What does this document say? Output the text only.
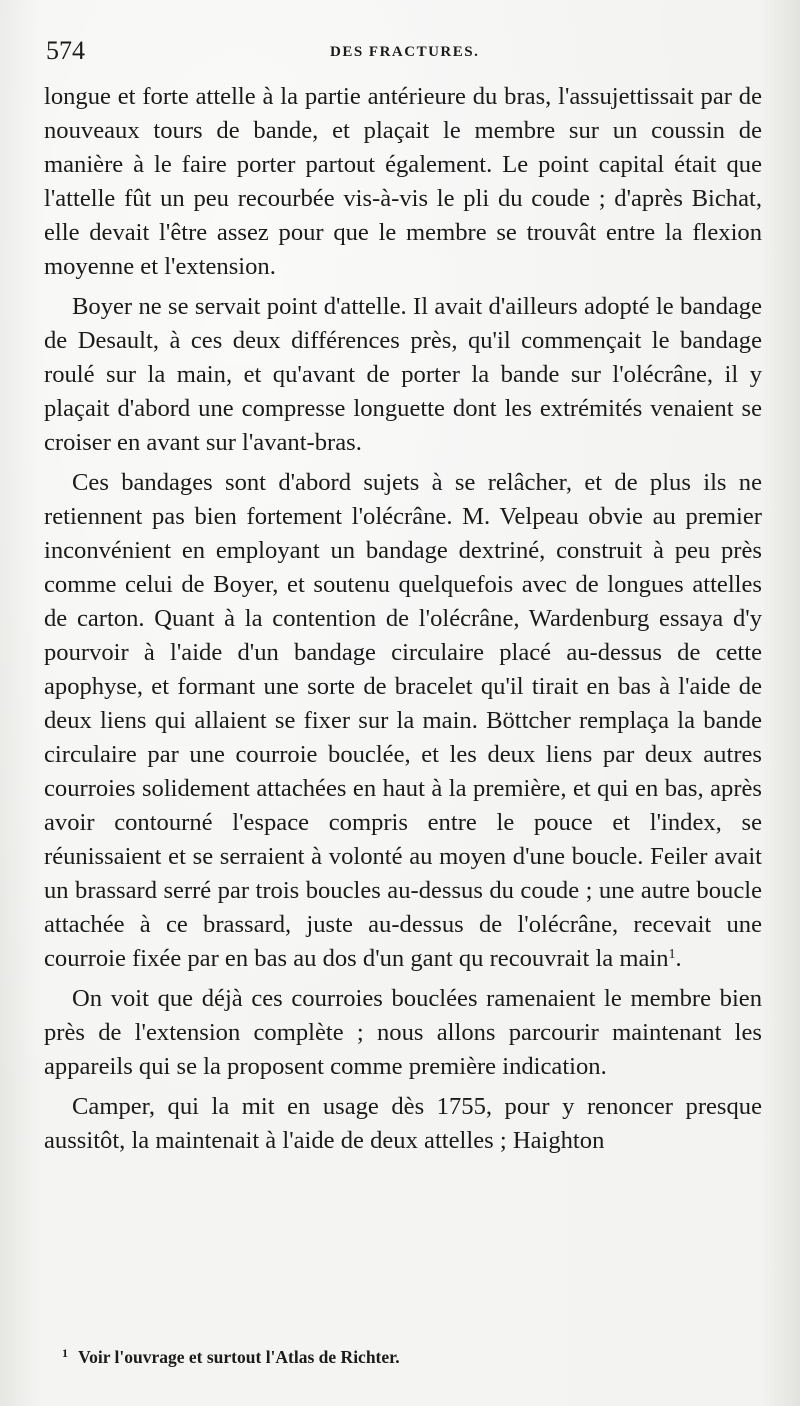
574	DES FRACTURES.

longue et forte attelle à la partie antérieure du bras, l'assujettissait par de nouveaux tours de bande, et plaçait le membre sur un coussin de manière à le faire porter partout également. Le point capital était que l'attelle fût un peu recourbée vis-à-vis le pli du coude ; d'après Bichat, elle devait l'être assez pour que le membre se trouvât entre la flexion moyenne et l'extension.

Boyer ne se servait point d'attelle. Il avait d'ailleurs adopté le bandage de Desault, à ces deux différences près, qu'il commençait le bandage roulé sur la main, et qu'avant de porter la bande sur l'olécrâne, il y plaçait d'abord une compresse longuette dont les extrémités venaient se croiser en avant sur l'avant-bras.

Ces bandages sont d'abord sujets à se relâcher, et de plus ils ne retiennent pas bien fortement l'olécrâne. M. Velpeau obvie au premier inconvénient en employant un bandage dextriné, construit à peu près comme celui de Boyer, et soutenu quelquefois avec de longues attelles de carton. Quant à la contention de l'olécrâne, Wardenburg essaya d'y pourvoir à l'aide d'un bandage circulaire placé au-dessus de cette apophyse, et formant une sorte de bracelet qu'il tirait en bas à l'aide de deux liens qui allaient se fixer sur la main. Böttcher remplaça la bande circulaire par une courroie bouclée, et les deux liens par deux autres courroies solidement attachées en haut à la première, et qui en bas, après avoir contourné l'espace compris entre le pouce et l'index, se réunissaient et se serraient à volonté au moyen d'une boucle. Feiler avait un brassard serré par trois boucles au-dessus du coude ; une autre boucle attachée à ce brassard, juste au-dessus de l'olécrâne, recevait une courroie fixée par en bas au dos d'un gant qu recouvrait la main$^1$.

On voit que déjà ces courroies bouclées ramenaient le membre bien près de l'extension complète ; nous allons parcourir maintenant les appareils qui se la proposent comme première indication.

Camper, qui la mit en usage dès 1755, pour y renoncer presque aussitôt, la maintenait à l'aide de deux attelles ; Haighton

$^1$ Voir l'ouvrage et surtout l'Atlas de Richter.
